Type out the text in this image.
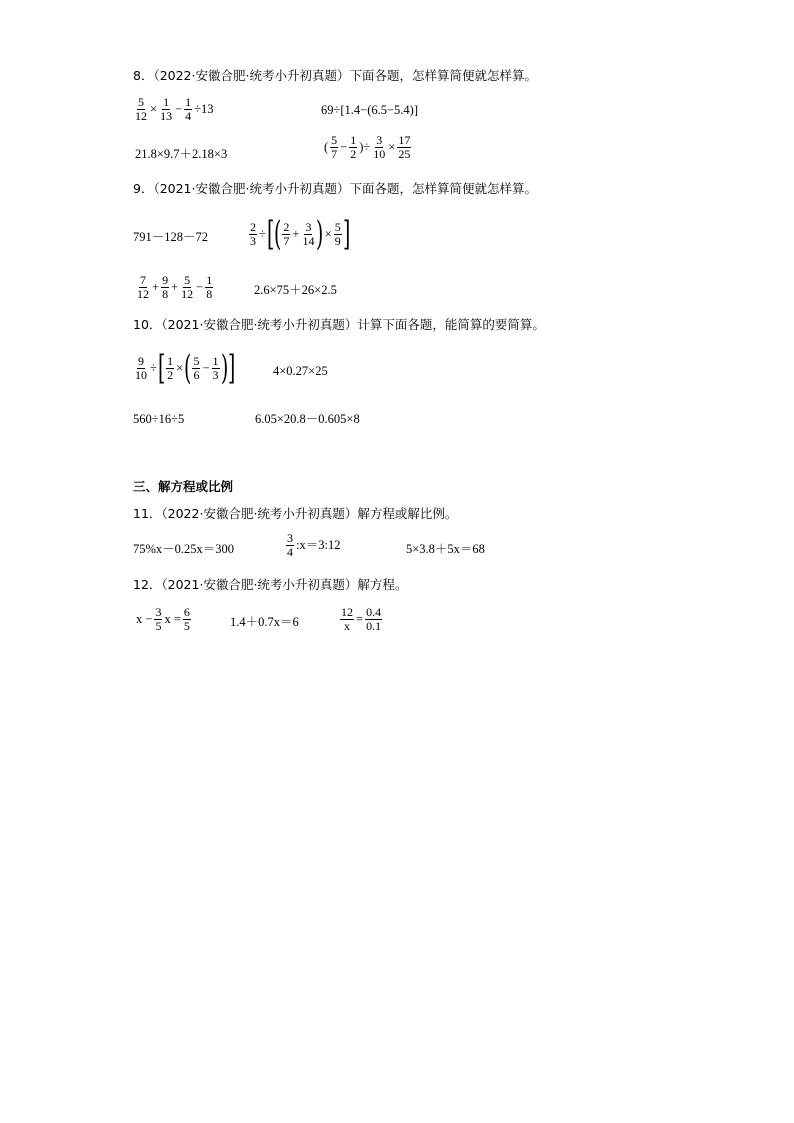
8．（2022·安徽合肥·统考小升初真题）下面各题，怎样算简便就怎样算。
$\frac{5}{12} \times \frac{1}{13} - \frac{1}{4} \div 13$	69÷[1.4−(6.5−5.4)]
21.8×9.7＋2.18×3	( $\frac{5}{7} - \frac{1}{2}$ )÷ $\frac{3}{10} \times \frac{17}{25}$
9．（2021·安徽合肥·统考小升初真题）下面各题，怎样算简便就怎样算。
791－128－72	$\frac{2}{3}$ ÷ [ ( $\frac{2}{7} + \frac{3}{14}$ ) × $\frac{5}{9}$ ]
$\frac{7}{12} + \frac{9}{8} + \frac{5}{12} - \frac{1}{8}$	2.6×75＋26×2.5
10．（2021·安徽合肥·统考小升初真题）计算下面各题，能简算的要简算。
$\frac{9}{10}$ ÷ [ $\frac{1}{2}$ × ( $\frac{5}{6} - \frac{1}{3}$ ) ]	4×0.27×25
560÷16÷5	6.05×20.8－0.605×8
三、解方程或比例
11．（2022·安徽合肥·统考小升初真题）解方程或解比例。
75%x－0.25x＝300	$\frac{3}{4}$ :x＝3:12	5×3.8＋5x＝68
12．（2021·安徽合肥·统考小升初真题）解方程。
$x - \frac{3}{5}$ $x = \frac{6}{5}$	1.4＋0.7x＝6	$\frac{12}{x} = \frac{0.4}{0.1}$
